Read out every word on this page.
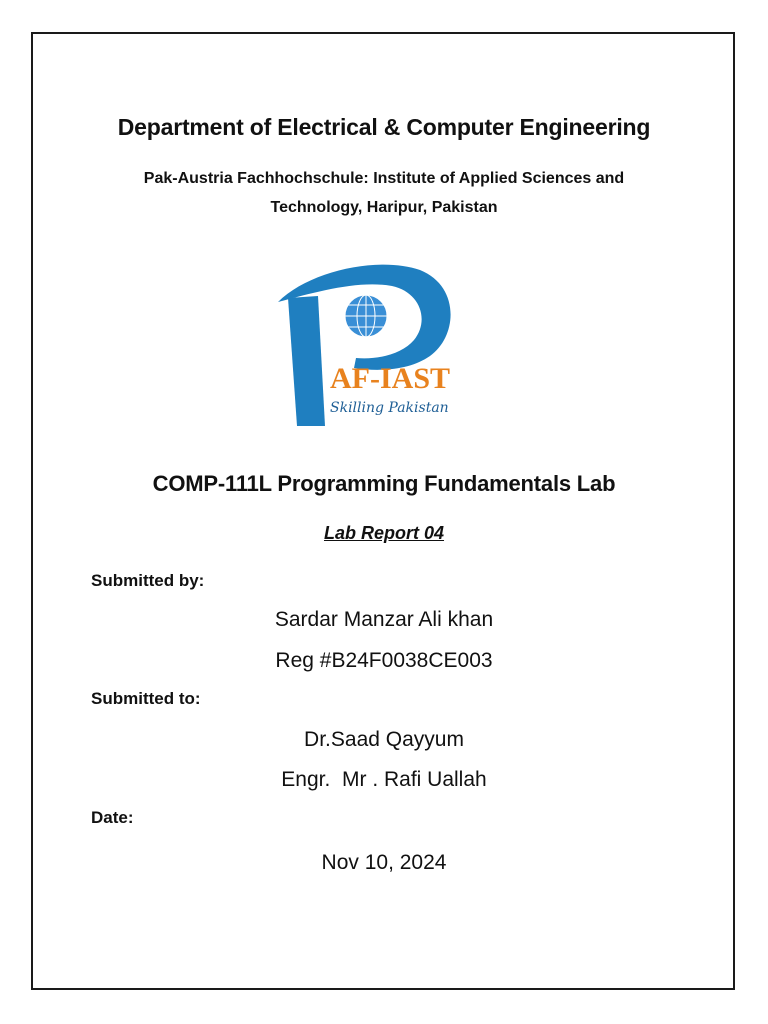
Department of Electrical & Computer Engineering
Pak-Austria Fachhochschule: Institute of Applied Sciences and
Technology, Haripur, Pakistan
AF-IAST
Skilling Pakistan
COMP-111L Programming Fundamentals Lab
Lab Report 04
Submitted by:
Sardar Manzar Ali khan
Reg #B24F0038CE003
Submitted to:
Dr.Saad Qayyum
Engr.  Mr . Rafi Uallah
Date:
Nov 10, 2024
